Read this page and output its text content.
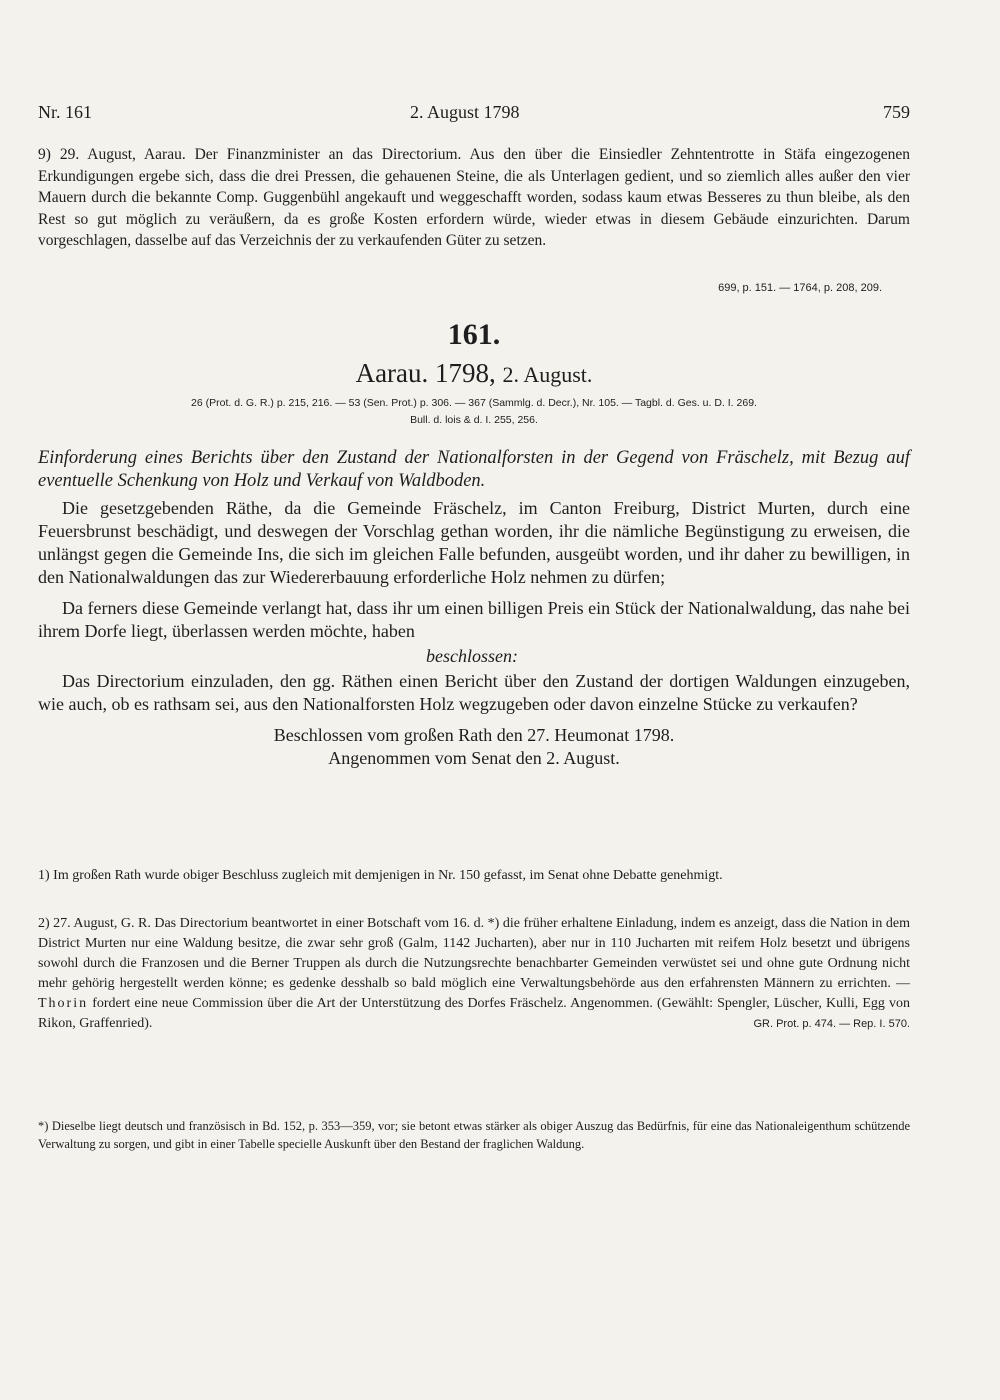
Nr. 161	2. August 1798	759

9) 29. August, Aarau. Der Finanzminister an das Directorium. Aus den über die Einsiedler Zehntentrotte in Stäfa eingezogenen Erkundigungen ergebe sich, dass die drei Pressen, die gehauenen Steine, die als Unterlagen gedient, und so ziemlich alles außer den vier Mauern durch die bekannte Comp. Guggenbühl angekauft und weggeschafft worden, sodass kaum etwas Besseres zu thun bleibe, als den Rest so gut möglich zu veräußern, da es große Kosten erfordern würde, wieder etwas in diesem Gebäude einzurichten. Darum vorgeschlagen, dasselbe auf das Verzeichnis der zu verkaufenden Güter zu setzen.

699, p. 151. — 1764, p. 208, 209.
161.
Aarau. 1798, 2. August.
26 (Prot. d. G. R.) p. 215, 216. — 53 (Sen. Prot.) p. 306. — 367 (Sammlg. d. Decr.), Nr. 105. — Tagbl. d. Ges. u. D. I. 269.
Bull. d. lois & d. I. 255, 256.
Einforderung eines Berichts über den Zustand der Nationalforsten in der Gegend von Fräschelz, mit Bezug auf eventuelle Schenkung von Holz und Verkauf von Waldboden.
Die gesetzgebenden Räthe, da die Gemeinde Fräschelz, im Canton Freiburg, District Murten, durch eine Feuersbrunst beschädigt, und deswegen der Vorschlag gethan worden, ihr die nämliche Begünstigung zu erweisen, die unlängst gegen die Gemeinde Ins, die sich im gleichen Falle befunden, ausgeübt worden, und ihr daher zu bewilligen, in den Nationalwaldungen das zur Wiedererbauung erforderliche Holz nehmen zu dürfen;
Da ferners diese Gemeinde verlangt hat, dass ihr um einen billigen Preis ein Stück der Nationalwaldung, das nahe bei ihrem Dorfe liegt, überlassen werden möchte, haben
beschlossen:
Das Directorium einzuladen, den gg. Räthen einen Bericht über den Zustand der dortigen Waldungen einzugeben, wie auch, ob es rathsam sei, aus den Nationalforsten Holz wegzugeben oder davon einzelne Stücke zu verkaufen?
Beschlossen vom großen Rath den 27. Heumonat 1798.
Angenommen vom Senat den 2. August.
1) Im großen Rath wurde obiger Beschluss zugleich mit demjenigen in Nr. 150 gefasst, im Senat ohne Debatte genehmigt.
2) 27. August, G. R. Das Directorium beantwortet in einer Botschaft vom 16. d. *) die früher erhaltene Einladung, indem es anzeigt, dass die Nation in dem District Murten nur eine Waldung besitze, die zwar sehr groß (Galm, 1142 Jucharten), aber nur in 110 Jucharten mit reifem Holz besetzt und übrigens sowohl durch die Franzosen und die Berner Truppen als durch die Nutzungsrechte benachbarter Gemeinden verwüstet sei und ohne gute Ordnung nicht mehr gehörig hergestellt werden könne; es gedenke desshalb so bald möglich eine Verwaltungsbehörde aus den erfahrensten Männern zu errichten. — Thorin fordert eine neue Commission über die Art der Unterstützung des Dorfes Fräschelz. Angenommen. (Gewählt: Spengler, Lüscher, Kulli, Egg von Rikon, Graffenried).	GR. Prot. p. 474. — Rep. I. 570.
*) Dieselbe liegt deutsch und französisch in Bd. 152, p. 353—359, vor; sie betont etwas stärker als obiger Auszug das Bedürfnis, für eine das Nationaleigenthum schützende Verwaltung zu sorgen, und gibt in einer Tabelle specielle Auskunft über den Bestand der fraglichen Waldung.
